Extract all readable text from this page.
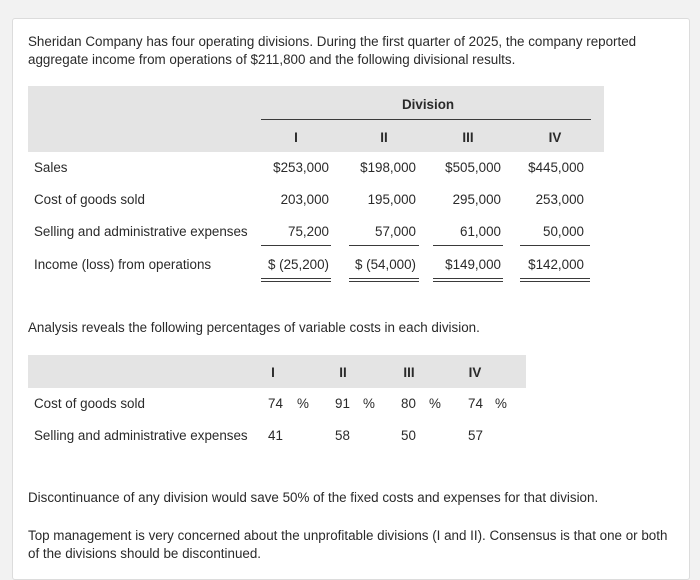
Sheridan Company has four operating divisions. During the first quarter of 2025, the company reported aggregate income from operations of $211,800 and the following divisional results.
Division
I	II	III	IV
Sales	$253,000	$198,000	$505,000	$445,000
Cost of goods sold	203,000	195,000	295,000	253,000
Selling and administrative expenses	75,200	57,000	61,000	50,000
Income (loss) from operations	$ (25,200)	$ (54,000)	$149,000	$142,000
Analysis reveals the following percentages of variable costs in each division.
I	II	III	IV
Cost of goods sold	74 % 91 % 80 % 74 %
Selling and administrative expenses 41	58	50	57
Discontinuance of any division would save 50% of the fixed costs and expenses for that division.
Top management is very concerned about the unprofitable divisions (I and II). Consensus is that one or both of the divisions should be discontinued.
